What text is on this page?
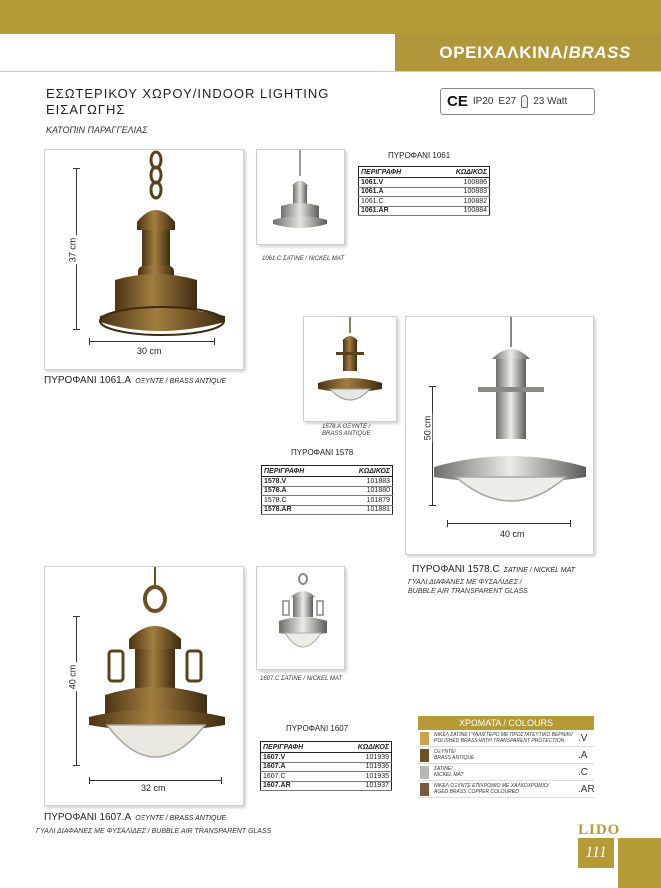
ΟΡΕΙΧΑΛΚΙΝΑ/BRASS
ΕΣΩΤΕΡΙΚΟΥ ΧΩΡΟΥ/INDOOR LIGHTING
ΕΙΣΑΓΩΓΗΣ
ΚΑΤΟΠΙΝ ΠΑΡΑΓΓΕΛΙΑΣ
CE IP20 E27 23 Watt
37 cm
30 cm
ΠΥΡΟΦΑΝΙ 1061.A ΟΞΥΝΤΕ / BRASS ANTIQUE
1061.C ΣΑΤΙΝΕ / NICKEL MAT
ΠΥΡΟΦΑΝΙ 1061
ΠΕΡΙΓΡΑΦΗ	ΚΩΔΙΚΟΣ
1061.V	100886
1061.A	100883
1061.C	100882
1061.AR	100884
1578.A ΟΞΥΝΤΕ /
BRASS ANTIQUE	50 cm
40 cm
ΠΥΡΟΦΑΝΙ 1578.C ΣΑΤΙΝΕ / NICKEL MAT
ΓΥΑΛΙ ΔΙΑΦΑΝΕΣ ΜΕ ΦΥΣΑΛΙΔΕΣ /
BUBBLE AIR TRANSPARENT GLASS
ΠΥΡΟΦΑΝΙ 1578
ΠΕΡΙΓΡΑΦΗ	ΚΩΔΙΚΟΣ
1578.V	101883
1578.A	101880
1578.C	101879
1578.AR	101881
40 cm
32 cm
ΠΥΡΟΦΑΝΙ 1607.A ΟΞΥΝΤΕ / BRASS ANTIQUE
ΓΥΑΛΙ ΔΙΑΦΑΝΕΣ ΜΕ ΦΥΣΑΛΙΔΕΣ / BUBBLE AIR TRANSPARENT GLASS
1607.C ΣΑΤΙΝΕ / NICKEL MAT
ΠΥΡΟΦΑΝΙ 1607
ΠΕΡΙΓΡΑΦΗ	ΚΩΔΙΚΟΣ
1607.V	101939
1607.A	101936
1607.C	101935
1607.AR	101937
ΧΡΩΜΑΤΑ / COLOURS
ΝΙΚΕΛ ΣΑΤΙΝΕ ΓΥΑΛΙΣΤΕΡΟ ΜΕ ΠΡΟΣΤΑΤΕΥΤΙΚΟ ΒΕΡΝΙΚΙ/
POLISHED BRASS WITH TRANSPARENT PROTECTION	.V
ΟΞΥΝΤΕ/
BRASS ANTIQUE	.A
ΣΑΤΙΝΕ/
NICKEL MAT	.C
ΝΙΚΕΛ ΟΞΥΝΤΕ ΕΠΙΧΡΩΜΙΟ ΜΕ ΧΑΛΚΟΧΡΩΜΙΟ/
AGED BRASS COPPER COLOURED	.AR
LIDO
111
